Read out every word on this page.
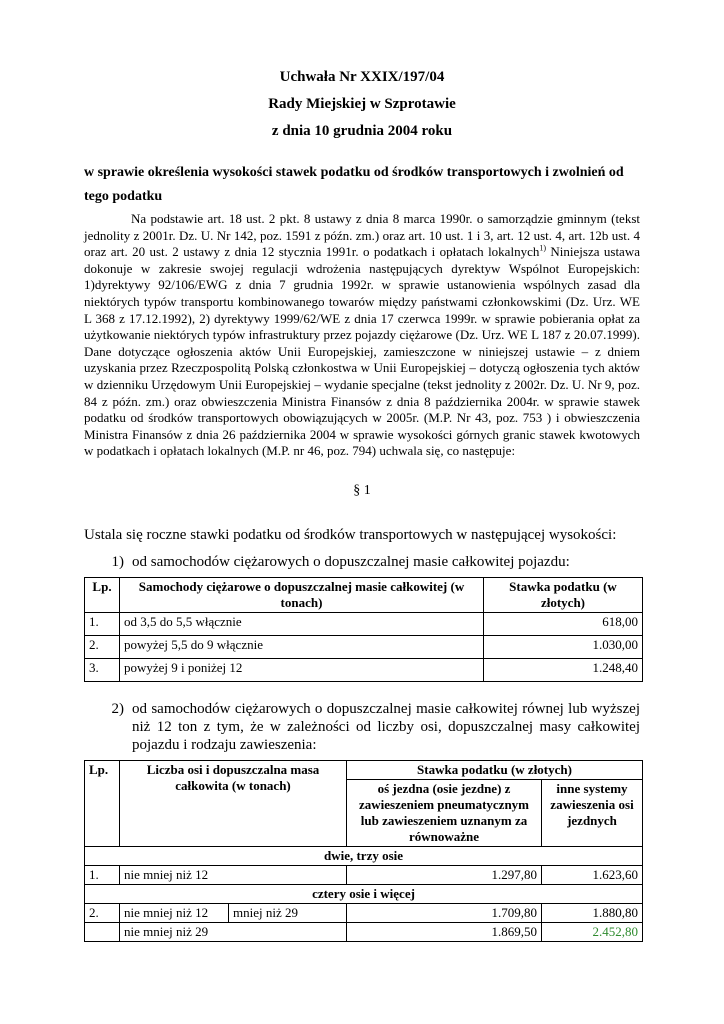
Uchwała Nr XXIX/197/04

Rady Miejskiej w Szprotawie

z dnia 10 grudnia 2004 roku

w sprawie określenia wysokości stawek podatku od środków transportowych i zwolnień od tego podatku
Na podstawie art. 18 ust. 2 pkt. 8 ustawy z dnia 8 marca 1990r. o samorządzie gminnym (tekst jednolity z 2001r. Dz. U. Nr 142, poz. 1591 z późn. zm.) oraz art. 10 ust. 1 i 3, art. 12 ust. 4, art. 12b ust. 4 oraz art. 20 ust. 2 ustawy z dnia 12 stycznia 1991r. o podatkach i opłatach lokalnych$^{1)}$ Niniejsza ustawa dokonuje w zakresie swojej regulacji wdrożenia następujących dyrektyw Wspólnot Europejskich: 1)dyrektywy 92/106/EWG z dnia 7 grudnia 1992r. w sprawie ustanowienia wspólnych zasad dla niektórych typów transportu kombinowanego towarów między państwami członkowskimi (Dz. Urz. WE L 368 z 17.12.1992), 2) dyrektywy 1999/62/WE z dnia 17 czerwca 1999r. w sprawie pobierania opłat za użytkowanie niektórych typów infrastruktury przez pojazdy ciężarowe (Dz. Urz. WE L 187 z 20.07.1999). Dane dotyczące ogłoszenia aktów Unii Europejskiej, zamieszczone w niniejszej ustawie – z dniem uzyskania przez Rzeczpospolitą Polską członkostwa w Unii Europejskiej – dotyczą ogłoszenia tych aktów w dzienniku Urzędowym Unii Europejskiej – wydanie specjalne (tekst jednolity z 2002r. Dz. U. Nr 9, poz. 84 z późn. zm.) oraz obwieszczenia Ministra Finansów z dnia 8 października 2004r. w sprawie stawek podatku od środków transportowych obowiązujących w 2005r. (M.P. Nr 43, poz. 753 ) i obwieszczenia Ministra Finansów z dnia 26 października 2004 w sprawie wysokości górnych granic stawek kwotowych w podatkach i opłatach lokalnych (M.P. nr 46, poz. 794) uchwala się, co następuje:
§ 1
Ustala się roczne stawki podatku od środków transportowych w następującej wysokości:
1) od samochodów ciężarowych o dopuszczalnej masie całkowitej pojazdu:
Lp.	Samochody ciężarowe o dopuszczalnej masie całkowitej (w tonach)	Stawka podatku (w złotych)
1.	od 3,5 do 5,5 włącznie	618,00
2.	powyżej 5,5 do 9 włącznie	1.030,00
3.	powyżej 9 i poniżej 12	1.248,40
2) od samochodów ciężarowych o dopuszczalnej masie całkowitej równej lub wyższej niż 12 ton z tym, że w zależności od liczby osi, dopuszczalnej masy całkowitej pojazdu i rodzaju zawieszenia:
Lp.	Liczba osi i dopuszczalna masa całkowita (w tonach)		Stawka podatku (w złotych)	
			oś jezdna (osie jezdne) z zawieszeniem pneumatycznym lub zawieszeniem uznanym za równoważne	inne systemy zawieszenia osi jezdnych
dwie, trzy osie				
1.	nie mniej niż 12		1.297,80	1.623,60
cztery osie i więcej				
2.	nie mniej niż 12	mniej niż 29	1.709,80	1.880,80
	nie mniej niż 29		1.869,50	2.452,80
